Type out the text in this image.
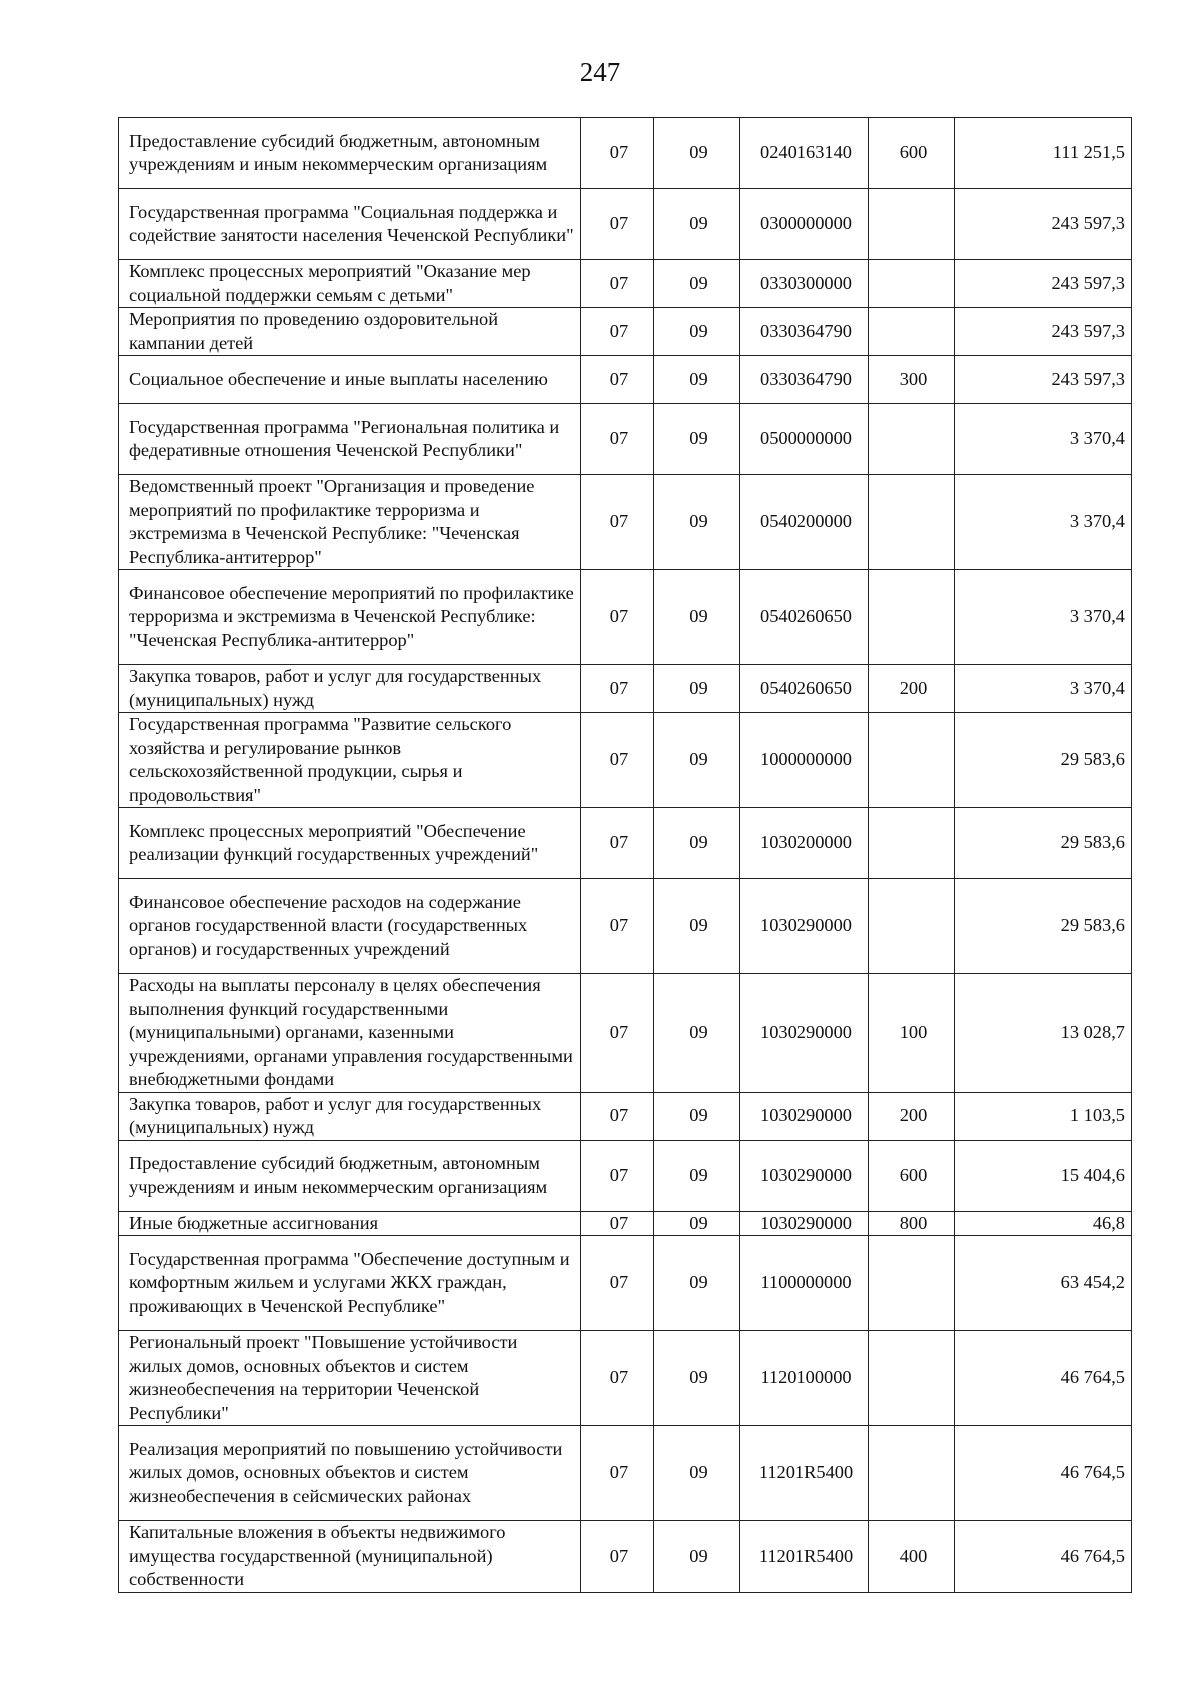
247
Предоставление субсидий бюджетным, автономным учреждениям и иным некоммерческим организациям	07	09	0240163140	600	111 251,5
Государственная программа "Социальная поддержка и содействие занятости населения Чеченской Республики"	07	09	0300000000		243 597,3
Комплекс процессных мероприятий "Оказание мер социальной поддержки семьям с детьми"	07	09	0330300000		243 597,3
Мероприятия по проведению оздоровительной кампании детей	07	09	0330364790		243 597,3
Социальное обеспечение и иные выплаты населению	07	09	0330364790	300	243 597,3
Государственная программа "Региональная политика и федеративные отношения Чеченской Республики"	07	09	0500000000		3 370,4
Ведомственный проект "Организация и проведение мероприятий по профилактике терроризма и экстремизма в Чеченской Республике: "Чеченская Республика-антитеррор"	07	09	0540200000		3 370,4
Финансовое обеспечение мероприятий по профилактике терроризма и экстремизма в Чеченской Республике: "Чеченская Республика-антитеррор"	07	09	0540260650		3 370,4
Закупка товаров, работ и услуг для государственных (муниципальных) нужд	07	09	0540260650	200	3 370,4
Государственная программа "Развитие сельского хозяйства и регулирование рынков сельскохозяйственной продукции, сырья и продовольствия"	07	09	1000000000		29 583,6
Комплекс процессных мероприятий "Обеспечение реализации функций государственных учреждений"	07	09	1030200000		29 583,6
Финансовое обеспечение расходов на содержание органов государственной власти (государственных органов) и государственных учреждений	07	09	1030290000		29 583,6
Расходы на выплаты персоналу в целях обеспечения выполнения функций государственными (муниципальными) органами, казенными учреждениями, органами управления государственными внебюджетными фондами	07	09	1030290000	100	13 028,7
Закупка товаров, работ и услуг для государственных (муниципальных) нужд	07	09	1030290000	200	1 103,5
Предоставление субсидий бюджетным, автономным учреждениям и иным некоммерческим организациям	07	09	1030290000	600	15 404,6
Иные бюджетные ассигнования	07	09	1030290000	800	46,8
Государственная программа "Обеспечение доступным и комфортным жильем и услугами ЖКХ граждан, проживающих в Чеченской Республике"	07	09	1100000000		63 454,2
Региональный проект "Повышение устойчивости жилых домов, основных объектов и систем жизнеобеспечения на территории Чеченской Республики"	07	09	1120100000		46 764,5
Реализация мероприятий по повышению устойчивости жилых домов, основных объектов и систем жизнеобеспечения в сейсмических районах	07	09	11201R5400		46 764,5
Капитальные вложения в объекты недвижимого имущества государственной (муниципальной) собственности	07	09	11201R5400	400	46 764,5
